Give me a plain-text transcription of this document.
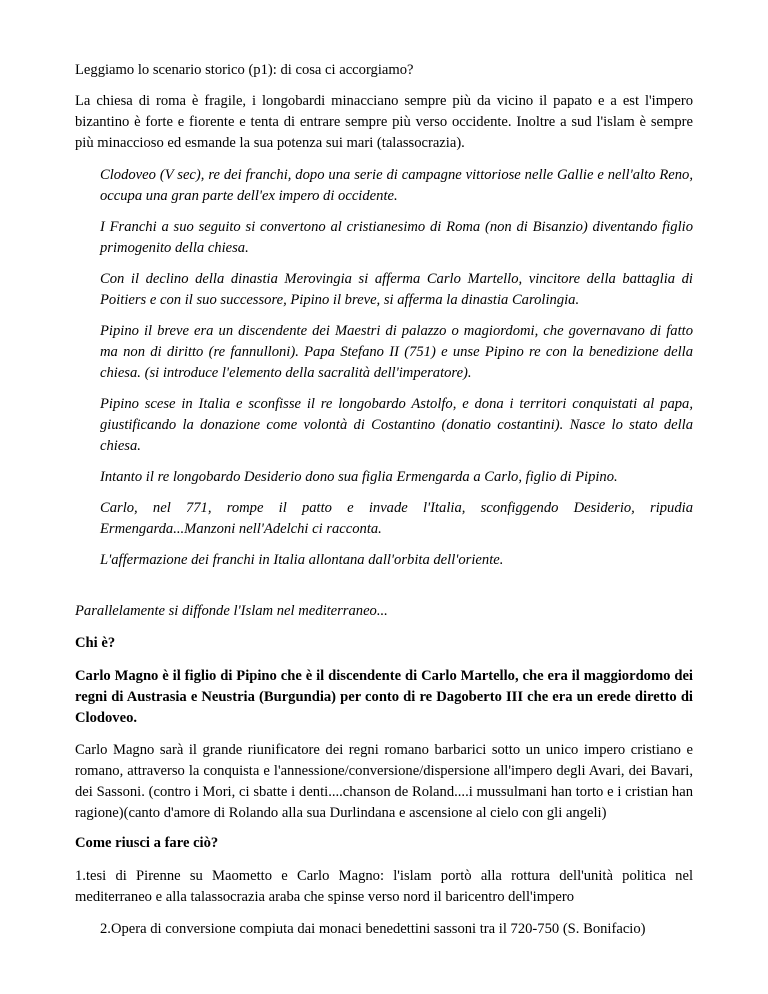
Leggiamo lo scenario storico (p1): di cosa ci accorgiamo?

La chiesa di roma è fragile, i longobardi minacciano sempre più da vicino il papato e a est l'impero bizantino è forte e fiorente e tenta di entrare sempre più verso occidente. Inoltre a sud l'islam è sempre più minaccioso ed esmande la sua potenza sui mari (talassocrazia).

Clodoveo (V sec), re dei franchi, dopo una serie di campagne vittoriose nelle Gallie e nell'alto Reno, occupa una gran parte dell'ex impero di occidente.

I Franchi a suo seguito si convertono al cristianesimo di Roma (non di Bisanzio) diventando figlio primogenito della chiesa.

Con il declino della dinastia Merovingia si afferma Carlo Martello, vincitore della battaglia di Poitiers e con il suo successore, Pipino il breve, si afferma la dinastia Carolingia.

Pipino il breve era un discendente dei Maestri di palazzo o magiordomi, che governavano di fatto ma non di diritto (re fannulloni). Papa Stefano II (751) e unse Pipino re con la benedizione della chiesa. (si introduce l'elemento della sacralità dell'imperatore).

Pipino scese in Italia e sconfisse il re longobardo Astolfo, e dona i territori conquistati al papa, giustificando la donazione come volontà di Costantino (donatio costantini). Nasce lo stato della chiesa.

Intanto il re longobardo Desiderio dono sua figlia Ermengarda a Carlo, figlio di Pipino.

Carlo, nel 771, rompe il patto e invade l'Italia, sconfiggendo Desiderio, ripudia Ermengarda...Manzoni nell'Adelchi ci racconta.

L'affermazione dei franchi in Italia allontana dall'orbita dell'oriente.

Parallelamente si diffonde l'Islam nel mediterraneo...

Chi è?

Carlo Magno è il figlio di Pipino che è il discendente di Carlo Martello, che era il maggiordomo dei regni di Austrasia e Neustria (Burgundia) per conto di re Dagoberto III che era un erede diretto di Clodoveo.

Carlo Magno sarà il grande riunificatore dei regni romano barbarici sotto un unico impero cristiano e romano, attraverso la conquista e l'annessione/conversione/dispersione all'impero degli Avari, dei Bavari, dei Sassoni. (contro i Mori, ci sbatte i denti....chanson de Roland....i mussulmani han torto e i cristian han ragione)(canto d'amore di Rolando alla sua Durlindana e ascensione al cielo con gli angeli)

Come riusci a fare ciò?

1.tesi di Pirenne su Maometto e Carlo Magno: l'islam portò alla rottura dell'unità politica nel mediterraneo e alla talassocrazia araba che spinse verso nord il baricentro dell'impero

2.Opera di conversione compiuta dai monaci benedettini sassoni tra il 720-750 (S. Bonifacio)
